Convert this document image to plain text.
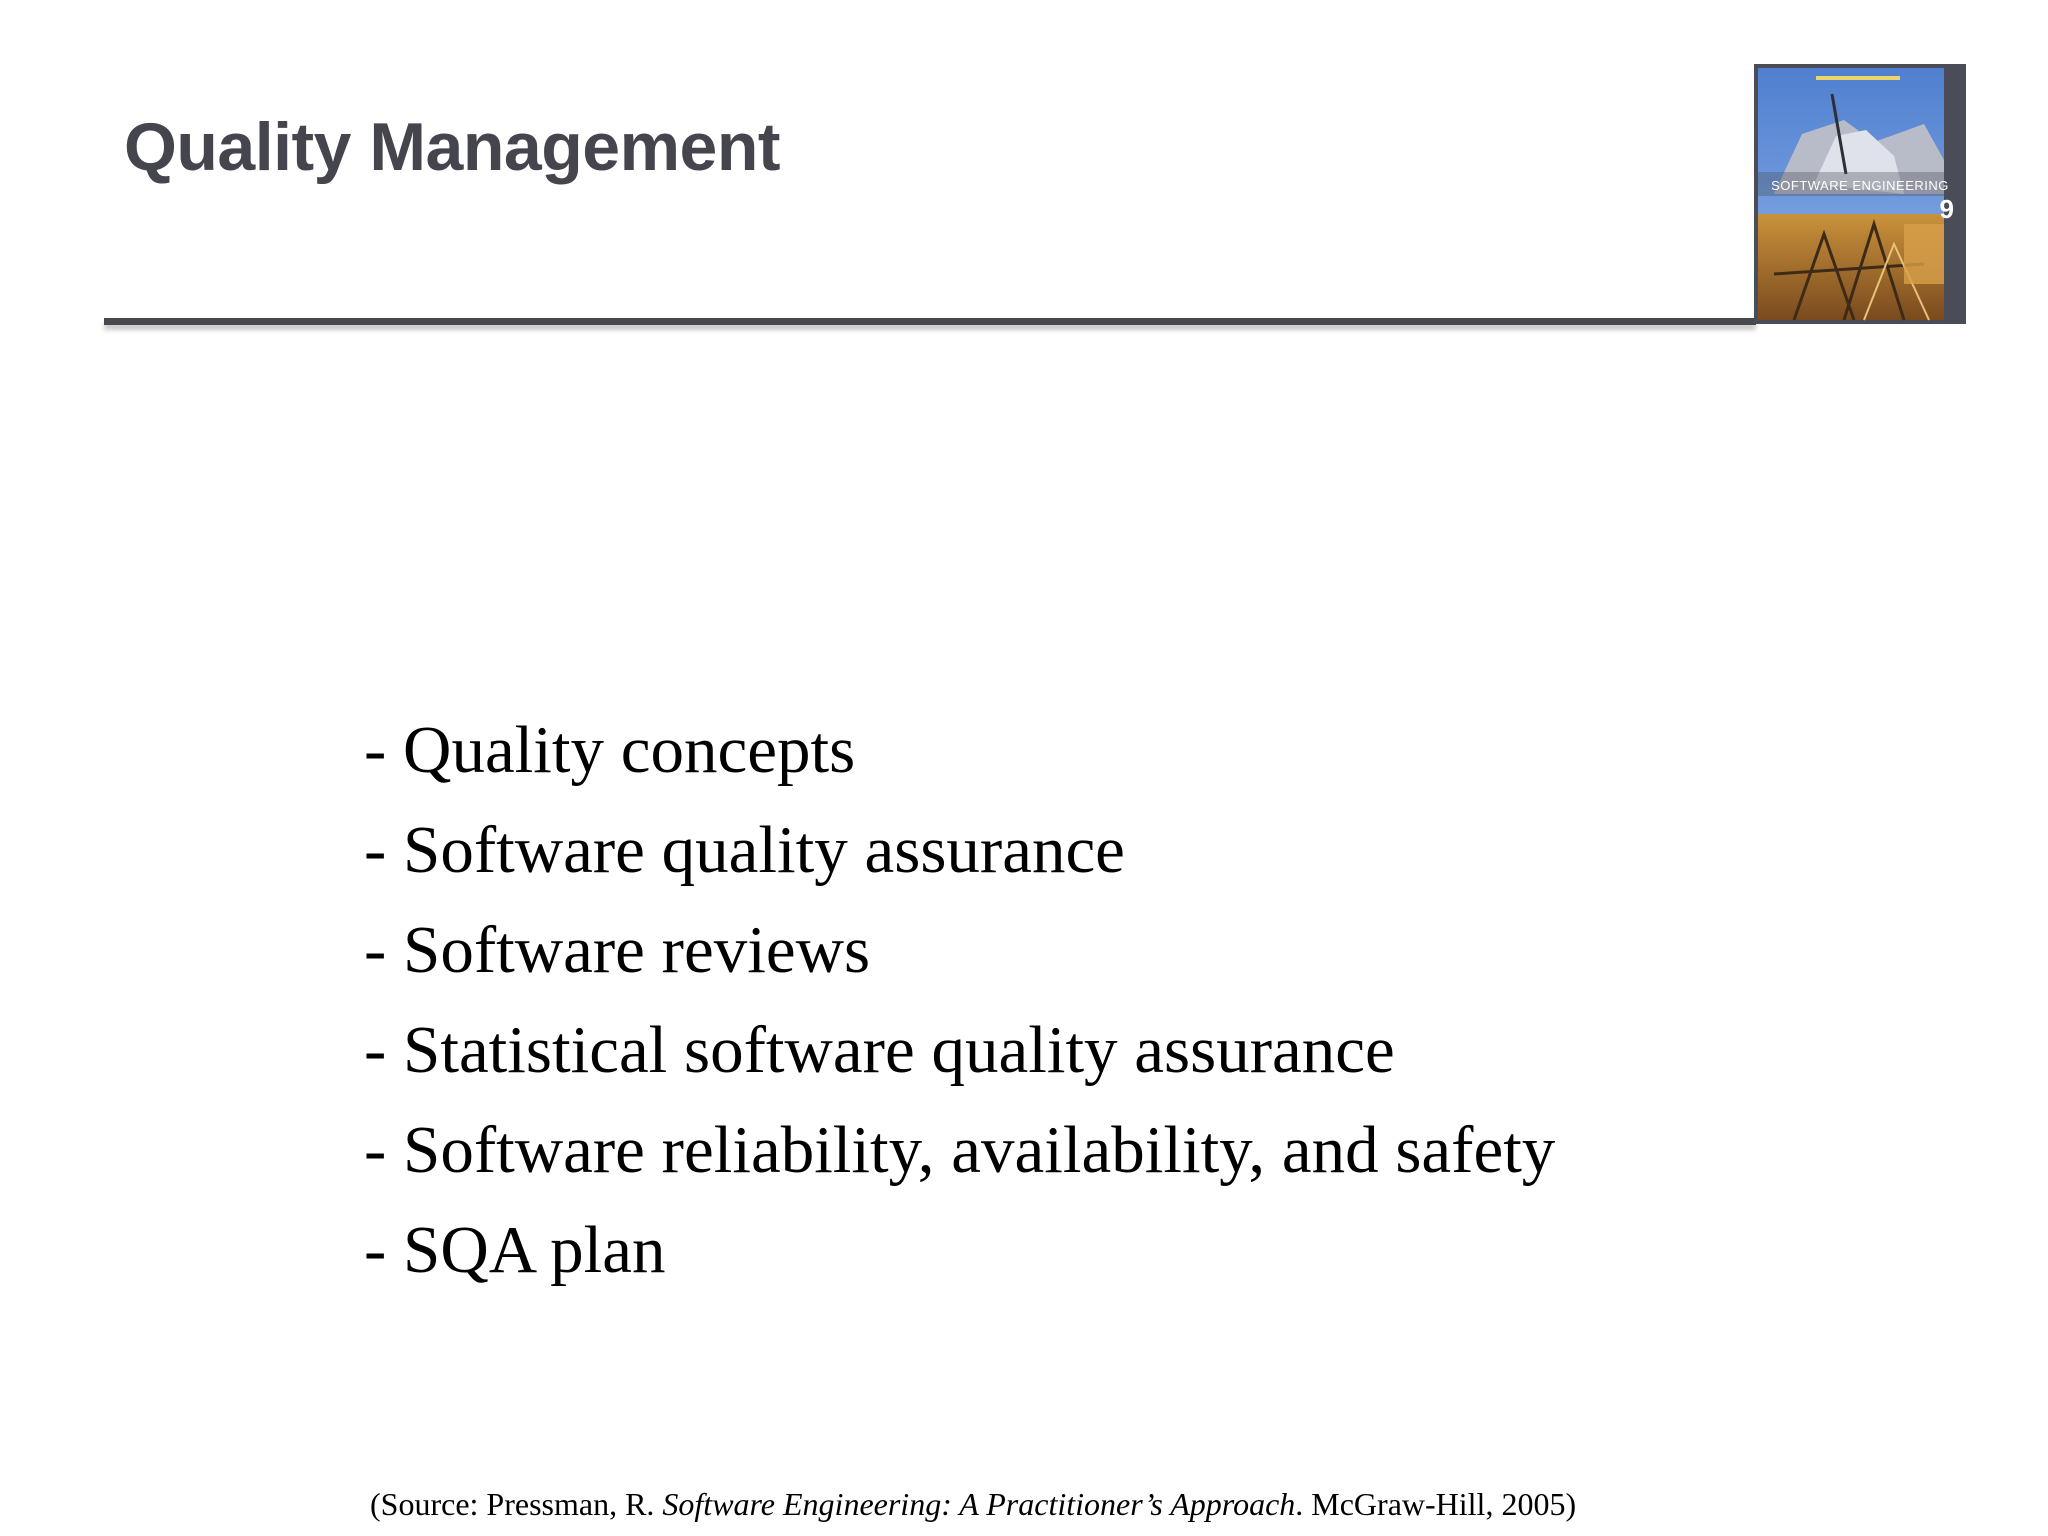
Quality Management
SOFTWARE ENGINEERING
9
- Quality concepts
- Software quality assurance
- Software reviews
- Statistical software quality assurance
- Software reliability, availability, and safety
- SQA plan
(Source: Pressman, R. Software Engineering: A Practitioner’s Approach. McGraw-Hill, 2005)
